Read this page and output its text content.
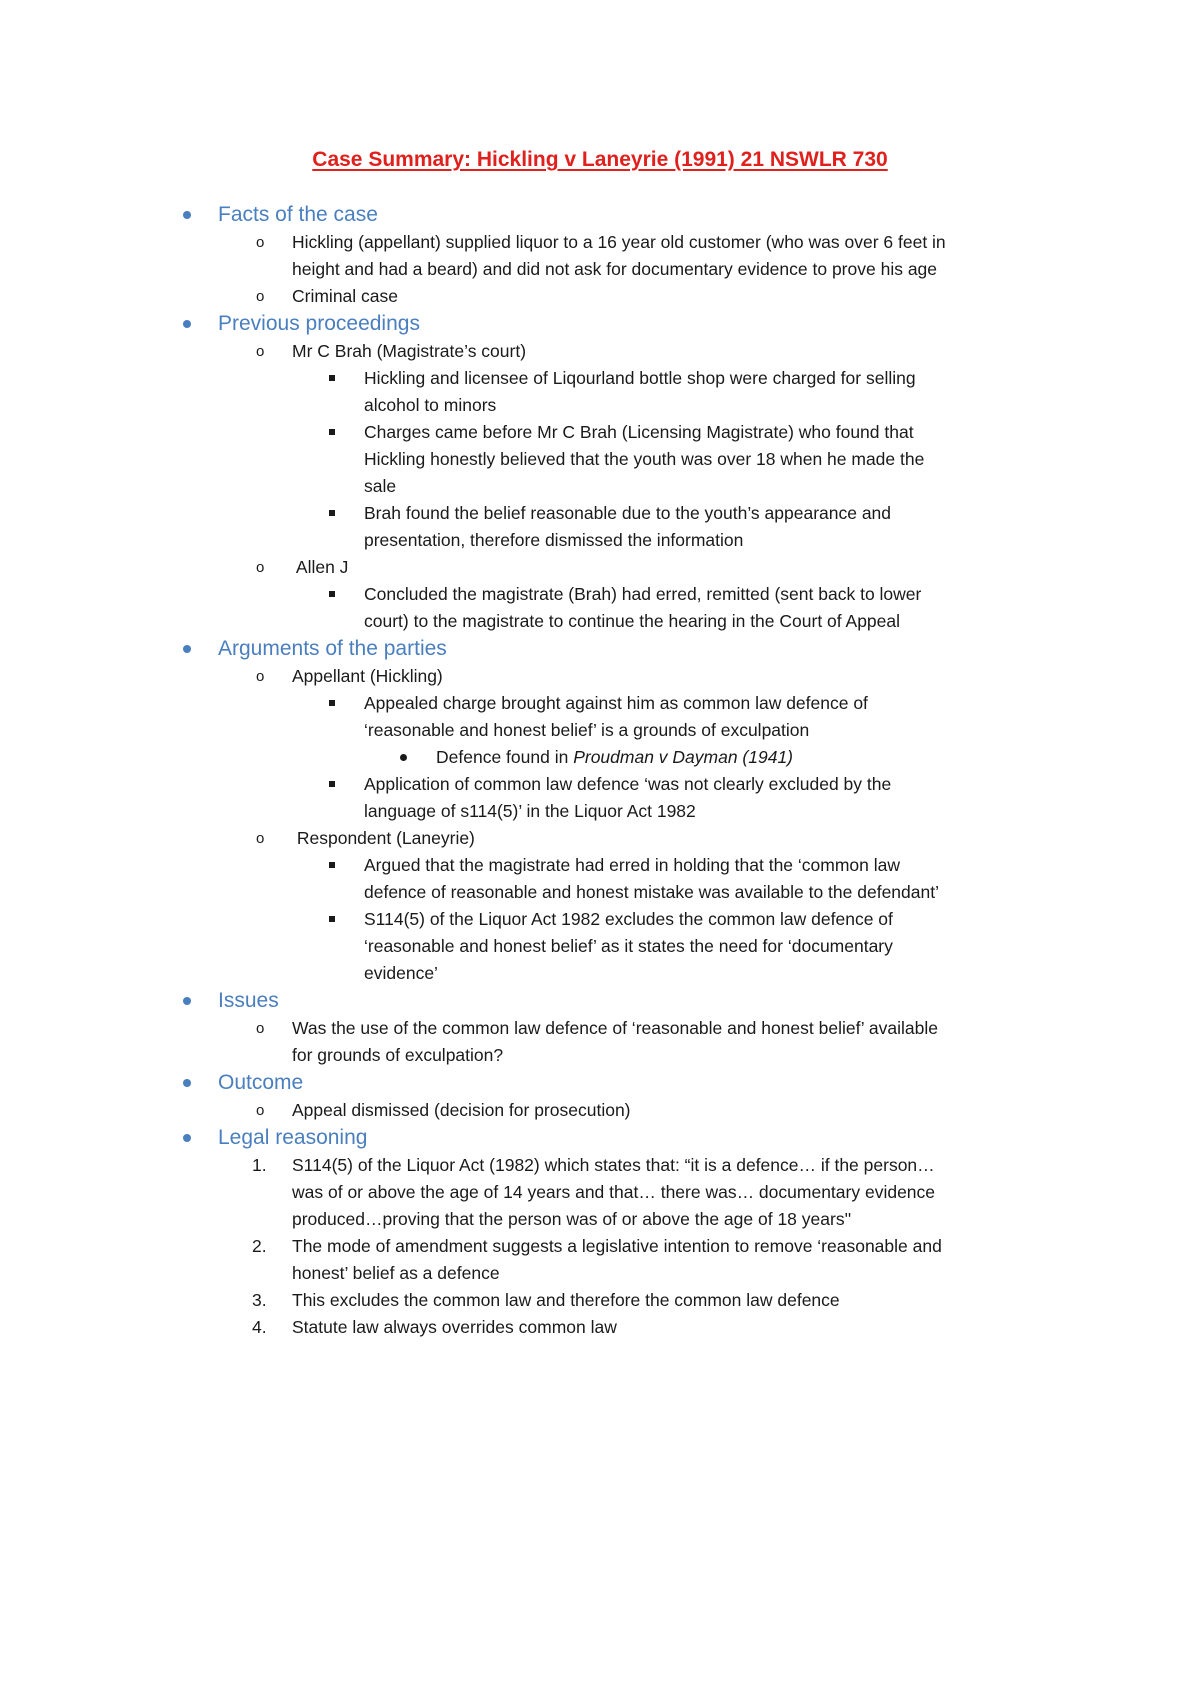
Case Summary: Hickling v Laneyrie (1991) 21 NSWLR 730
Facts of the case
o Hickling (appellant) supplied liquor to a 16 year old customer (who was over 6 feet in
height and had a beard) and did not ask for documentary evidence to prove his age
o Criminal case
Previous proceedings
o Mr C Brah (Magistrate’s court)
Hickling and licensee of Liqourland bottle shop were charged for selling
alcohol to minors
Charges came before Mr C Brah (Licensing Magistrate) who found that
Hickling honestly believed that the youth was over 18 when he made the
sale
Brah found the belief reasonable due to the youth’s appearance and
presentation, therefore dismissed the information
o Allen J
Concluded the magistrate (Brah) had erred, remitted (sent back to lower
court) to the magistrate to continue the hearing in the Court of Appeal
Arguments of the parties
o Appellant (Hickling)
Appealed charge brought against him as common law defence of
‘reasonable and honest belief’ is a grounds of exculpation
Defence found in Proudman v Dayman (1941)
Application of common law defence ‘was not clearly excluded by the
language of s114(5)’ in the Liquor Act 1982
o Respondent (Laneyrie)
Argued that the magistrate had erred in holding that the ‘common law
defence of reasonable and honest mistake was available to the defendant’
S114(5) of the Liquor Act 1982 excludes the common law defence of
‘reasonable and honest belief’ as it states the need for ‘documentary
evidence’
Issues
o Was the use of the common law defence of ‘reasonable and honest belief’ available
for grounds of exculpation?
Outcome
o Appeal dismissed (decision for prosecution)
Legal reasoning
1. S114(5) of the Liquor Act (1982) which states that: “it is a defence… if the person…
was of or above the age of 14 years and that… there was… documentary evidence
produced…proving that the person was of or above the age of 18 years''
2. The mode of amendment suggests a legislative intention to remove ‘reasonable and
honest’ belief as a defence
3. This excludes the common law and therefore the common law defence
4. Statute law always overrides common law
